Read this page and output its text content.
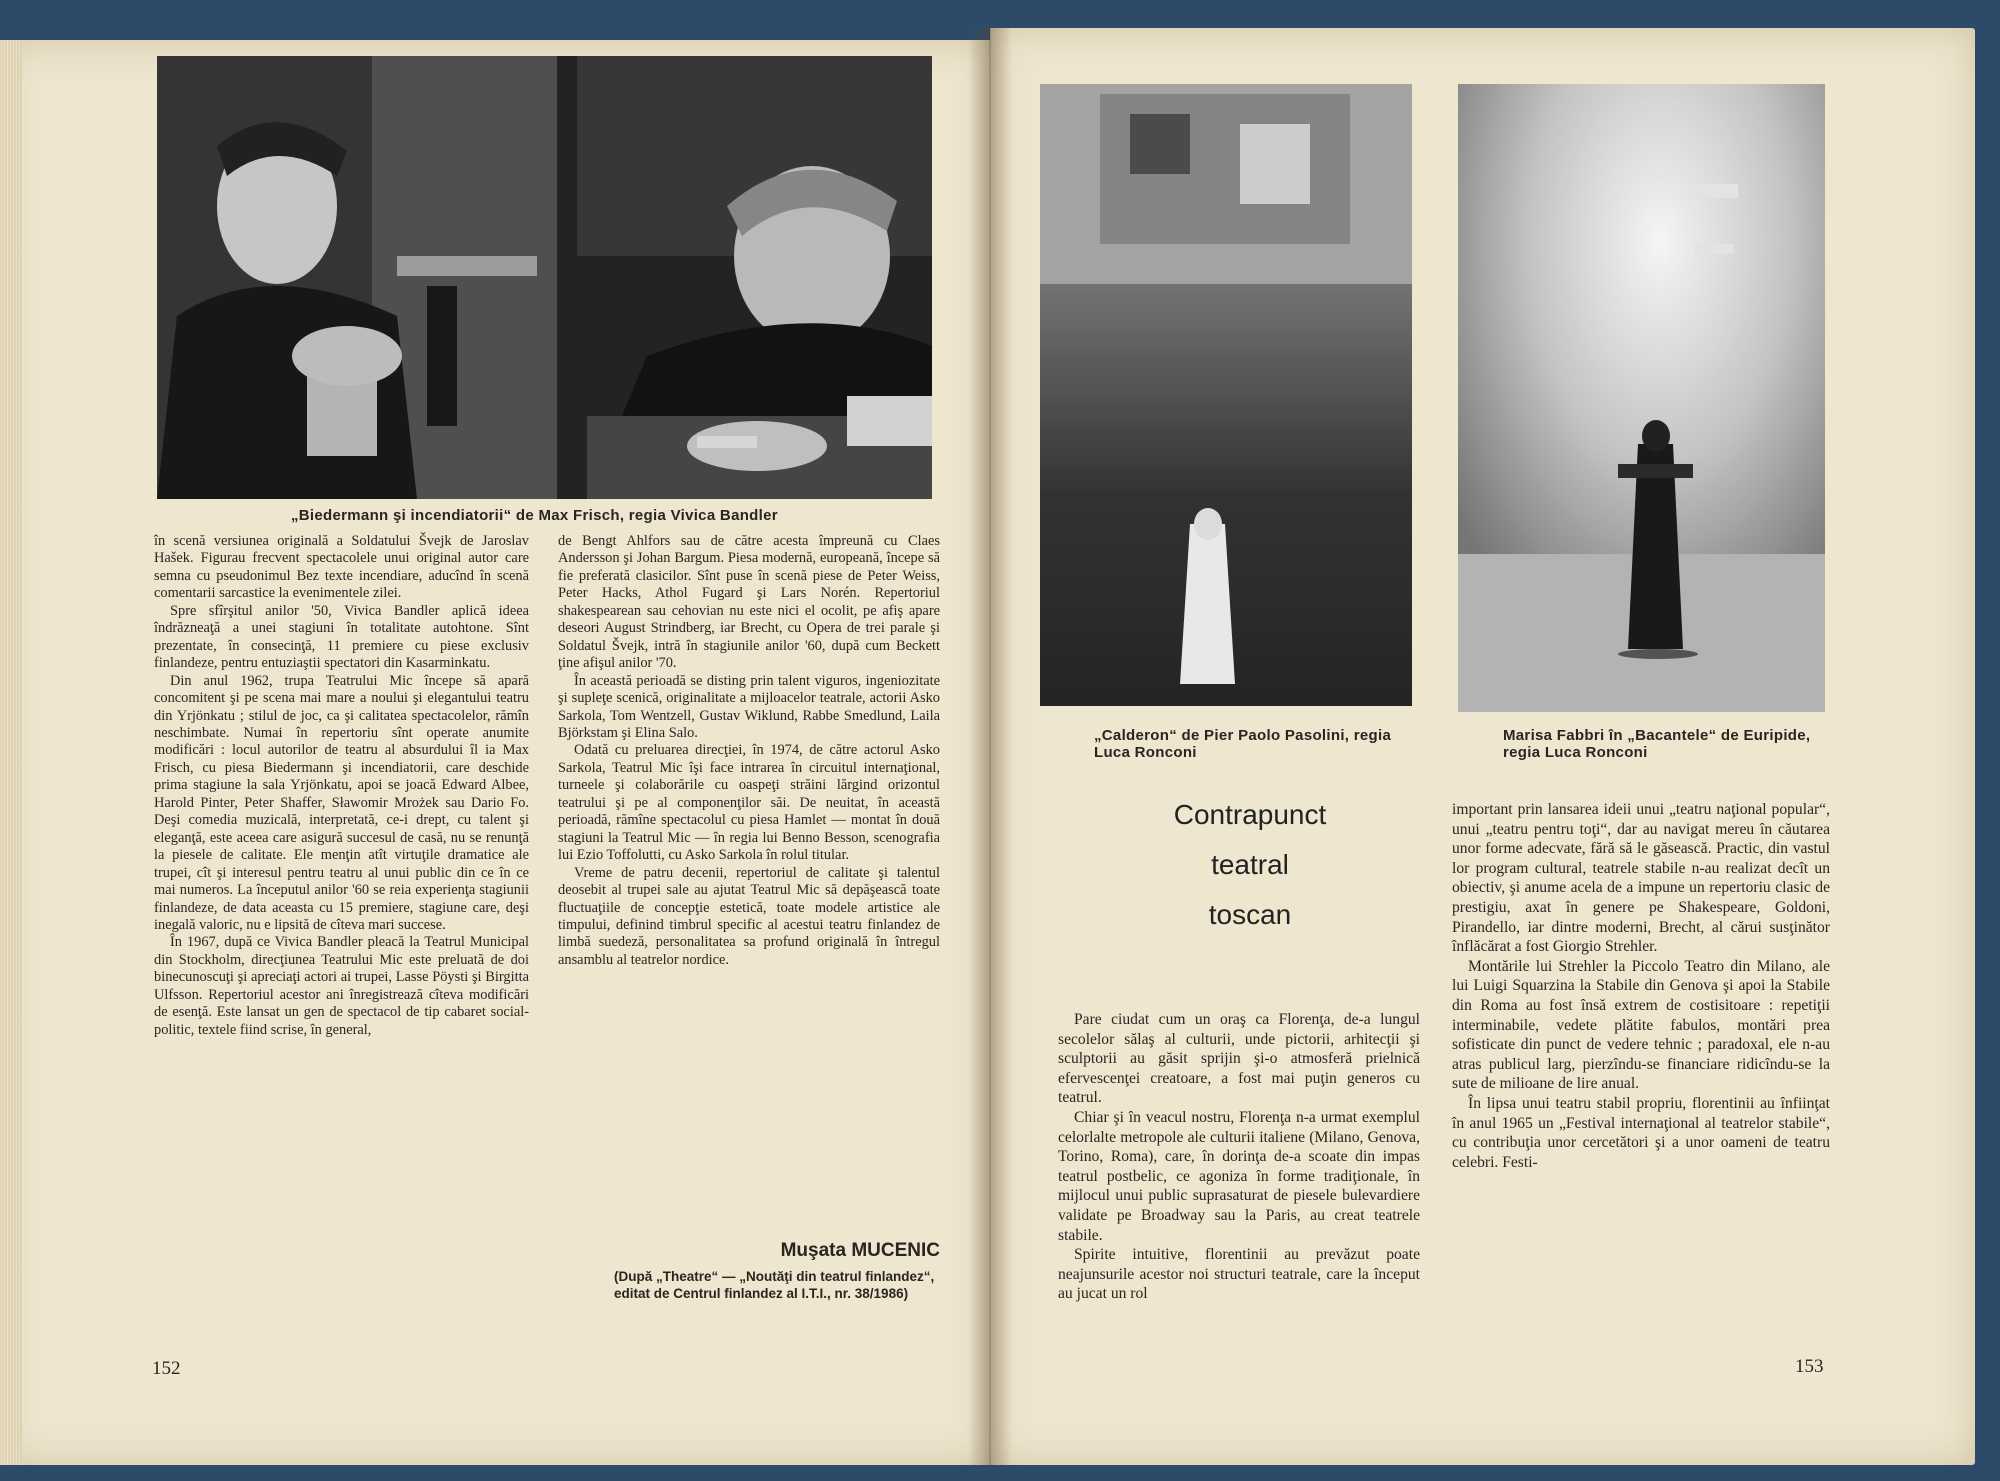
„Biedermann şi incendiatorii“ de Max Frisch, regia Vivica Bandler

în scenă versiunea originală a Soldatului Švejk de Jaroslav Hašek. Figurau frecvent spectacolele unui original autor care semna cu pseudonimul Bez texte incendiare, aducînd în scenă comentarii sarcastice la evenimentele zilei.

Spre sfîrşitul anilor '50, Vivica Bandler aplică ideea îndrăzneaţă a unei stagiuni în totalitate autohtone. Sînt prezentate, în consecinţă, 11 premiere cu piese exclusiv finlandeze, pentru entuziaştii spectatori din Kasarminkatu.

Din anul 1962, trupa Teatrului Mic începe să apară concomitent şi pe scena mai mare a noului şi elegantului teatru din Yrjönkatu ; stilul de joc, ca şi calitatea spectacolelor, rămîn neschimbate. Numai în repertoriu sînt operate anumite modificări : locul autorilor de teatru al absurdului îl ia Max Frisch, cu piesa Biedermann şi incendiatorii, care deschide prima stagiune la sala Yrjönkatu, apoi se joacă Edward Albee, Harold Pinter, Peter Shaffer, Sławomir Mrożek sau Dario Fo. Deşi comedia muzicală, interpretată, ce-i drept, cu talent şi eleganţă, este aceea care asigură succesul de casă, nu se renunţă la piesele de calitate. Ele menţin atît virtuţile dramatice ale trupei, cît şi interesul pentru teatru al unui public din ce în ce mai numeros. La începutul anilor '60 se reia experienţa stagiunii finlandeze, de data aceasta cu 15 premiere, stagiune care, deşi inegală valoric, nu e lipsită de cîteva mari succese.

În 1967, după ce Vivica Bandler pleacă la Teatrul Municipal din Stockholm, direcţiunea Teatrului Mic este preluată de doi binecunoscuţi şi apreciaţi actori ai trupei, Lasse Pöysti şi Birgitta Ulfsson. Repertoriul acestor ani înregistrează cîteva modificări de esenţă. Este lansat un gen de spectacol de tip cabaret social-politic, textele fiind scrise, în general,

de Bengt Ahlfors sau de către acesta împreună cu Claes Andersson şi Johan Bargum. Piesa modernă, europeană, începe să fie preferată clasicilor. Sînt puse în scenă piese de Peter Weiss, Peter Hacks, Athol Fugard şi Lars Norén. Repertoriul shakespearean sau cehovian nu este nici el ocolit, pe afiş apare deseori August Strindberg, iar Brecht, cu Opera de trei parale şi Soldatul Švejk, intră în stagiunile anilor '60, după cum Beckett ţine afişul anilor '70.

În această perioadă se disting prin talent viguros, ingeniozitate şi supleţe scenică, originalitate a mijloacelor teatrale, actorii Asko Sarkola, Tom Wentzell, Gustav Wiklund, Rabbe Smedlund, Laila Björkstam şi Elina Salo.

Odată cu preluarea direcţiei, în 1974, de către actorul Asko Sarkola, Teatrul Mic îşi face intrarea în circuitul internaţional, turneele şi colaborările cu oaspeţi străini lărgind orizontul teatrului şi pe al componenţilor săi. De neuitat, în această perioadă, rămîne spectacolul cu piesa Hamlet — montat în două stagiuni la Teatrul Mic — în regia lui Benno Besson, scenografia lui Ezio Toffolutti, cu Asko Sarkola în rolul titular.

Vreme de patru decenii, repertoriul de calitate şi talentul deosebit al trupei sale au ajutat Teatrul Mic să depăşească toate fluctuaţiile de concepţie estetică, toate modele artistice ale timpului, definind timbrul specific al acestui teatru finlandez de limbă suedeză, personalitatea sa profund originală în întregul ansamblu al teatrelor nordice.

Muşata MUCENIC
(După „Theatre“ — „Noutăţi din teatrul finlandez“, editat de Centrul finlandez al I.T.I., nr. 38/1986)
152
„Calderon“ de Pier Paolo Pasolini, regia Luca Ronconi
Marisa Fabbri în „Bacantele“ de Euripide, regia Luca Ronconi
Contrapunct
teatral
toscan

Pare ciudat cum un oraş ca Florenţa, de-a lungul secolelor sălaş al culturii, unde pictorii, arhitecţii şi sculptorii au găsit sprijin şi-o atmosferă prielnică efervescenţei creatoare, a fost mai puţin generos cu teatrul.

Chiar şi în veacul nostru, Florenţa n-a urmat exemplul celorlalte metropole ale culturii italiene (Milano, Genova, Torino, Roma), care, în dorinţa de-a scoate din impas teatrul postbelic, ce agoniza în forme tradiţionale, în mijlocul unui public suprasaturat de piesele bulevardiere validate pe Broadway sau la Paris, au creat teatrele stabile.

Spirite intuitive, florentinii au prevăzut poate neajunsurile acestor noi structuri teatrale, care la început au jucat un rol

important prin lansarea ideii unui „teatru naţional popular“, unui „teatru pentru toţi“, dar au navigat mereu în căutarea unor forme adecvate, fără să le găsească. Practic, din vastul lor program cultural, teatrele stabile n-au realizat decît un obiectiv, şi anume acela de a impune un repertoriu clasic de prestigiu, axat în genere pe Shakespeare, Goldoni, Pirandello, iar dintre moderni, Brecht, al cărui susţinător înflăcărat a fost Giorgio Strehler.

Montările lui Strehler la Piccolo Teatro din Milano, ale lui Luigi Squarzina la Stabile din Genova şi apoi la Stabile din Roma au fost însă extrem de costisitoare : repetiţii interminabile, vedete plătite fabulos, montări prea sofisticate din punct de vedere tehnic ; paradoxal, ele n-au atras publicul larg, pierzîndu-se financiare ridicîndu-se la sute de milioane de lire anual.

În lipsa unui teatru stabil propriu, florentinii au înfiinţat în anul 1965 un „Festival internaţional al teatrelor stabile“, cu contribuţia unor cercetători şi a unor oameni de teatru celebri. Festi-

153
